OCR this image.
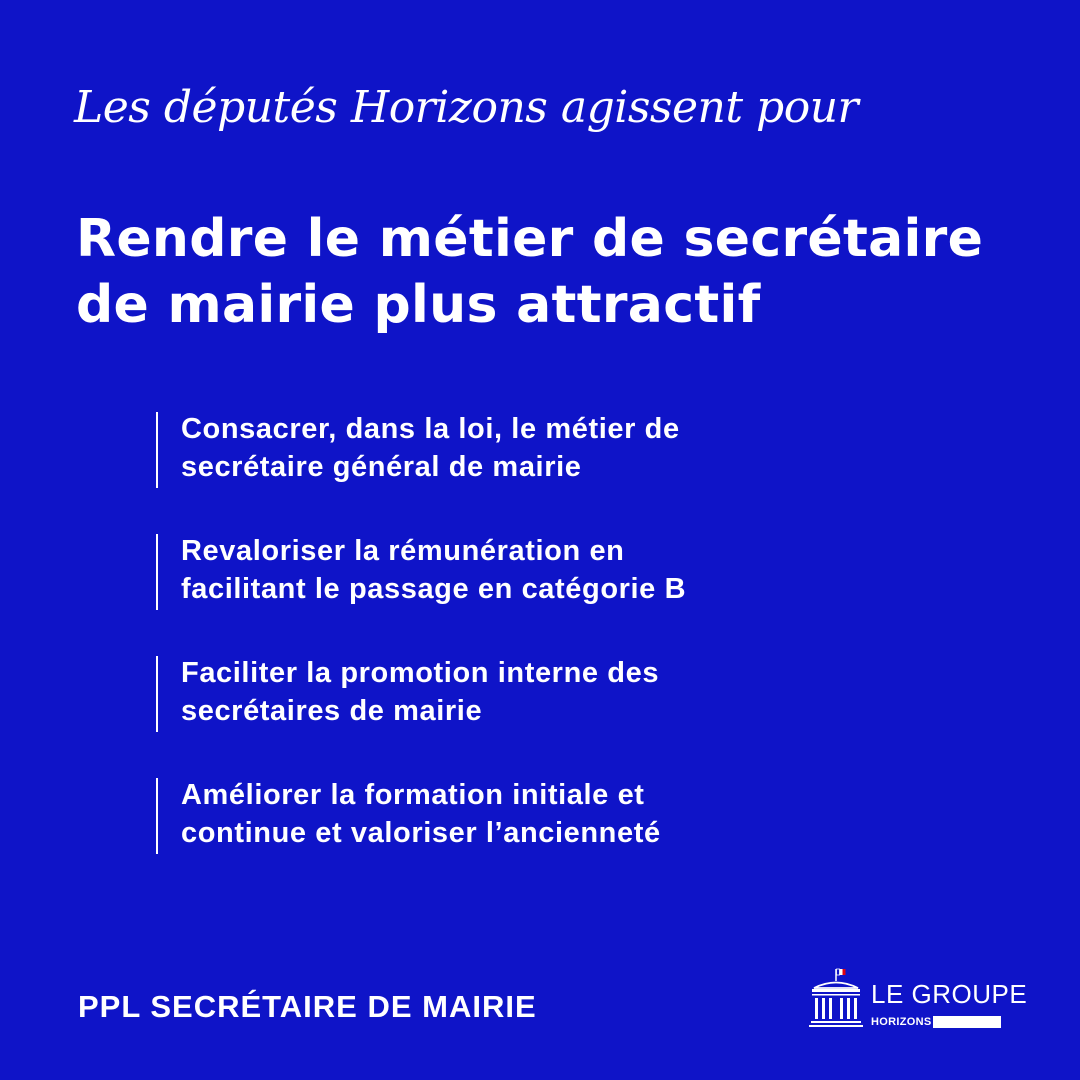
Les députés Horizons agissent pour
Rendre le métier de secrétaire
de mairie plus attractif
Consacrer, dans la loi, le métier de
secrétaire général de mairie
Revaloriser la rémunération en
facilitant le passage en catégorie B
Faciliter la promotion interne des
secrétaires de mairie
Améliorer la formation initiale et
continue et valoriser l’ancienneté
PPL SECRÉTAIRE DE MAIRIE	LE GROUPE
HORIZONS
